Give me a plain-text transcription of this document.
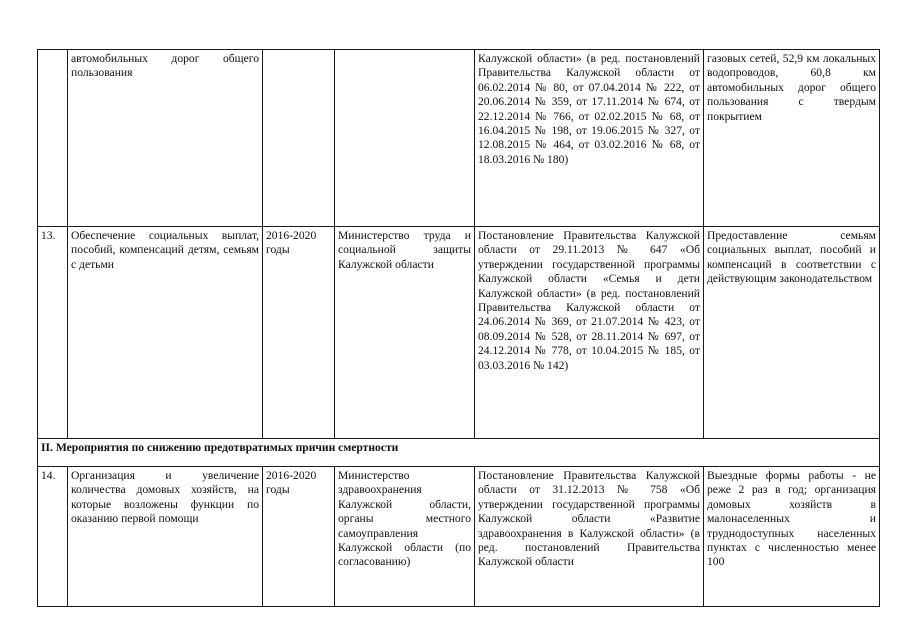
	автомобильных дорог общего пользования			Калужской области» (в ред. постановлений Правительства Калужской области от 06.02.2014 № 80, от 07.04.2014 № 222, от 20.06.2014 № 359, от 17.11.2014 № 674, от 22.12.2014 № 766, от 02.02.2015 № 68, от 16.04.2015 № 198, от 19.06.2015 № 327, от 12.08.2015 № 464, от 03.02.2016 № 68, от 18.03.2016 № 180)	газовых сетей, 52,9 км локальных водопроводов, 60,8 км автомобильных дорог общего пользования с твердым покрытием
13.	Обеспечение социальных выплат, пособий, компенсаций детям, семьям с детьми	2016-2020 годы	Министерство труда и социальной защиты Калужской области	Постановление Правительства Калужской области от 29.11.2013 № 647 «Об утверждении государственной программы Калужской области «Семья и дети Калужской области» (в ред. постановлений Правительства Калужской области от 24.06.2014 № 369, от 21.07.2014 № 423, от 08.09.2014 № 528, от 28.11.2014 № 697, от 24.12.2014 № 778, от 10.04.2015 № 185, от 03.03.2016 № 142)	Предоставление семьям социальных выплат, пособий и компенсаций в соответствии с действующим законодательством
II. Мероприятия по снижению предотвратимых причин смертности					
14.	Организация и увеличение количества домовых хозяйств, на которые возложены функции по оказанию первой помощи	2016-2020 годы	Министерство здравоохранения Калужской области, органы местного самоуправления Калужской области (по согласованию)	Постановление Правительства Калужской области от 31.12.2013 № 758 «Об утверждении государственной программы Калужской области «Развитие здравоохранения в Калужской области» (в ред. постановлений Правительства Калужской области	Выездные формы работы - не реже 2 раз в год; организация домовых хозяйств в малонаселенных и труднодоступных населенных пунктах с численностью менее 100
